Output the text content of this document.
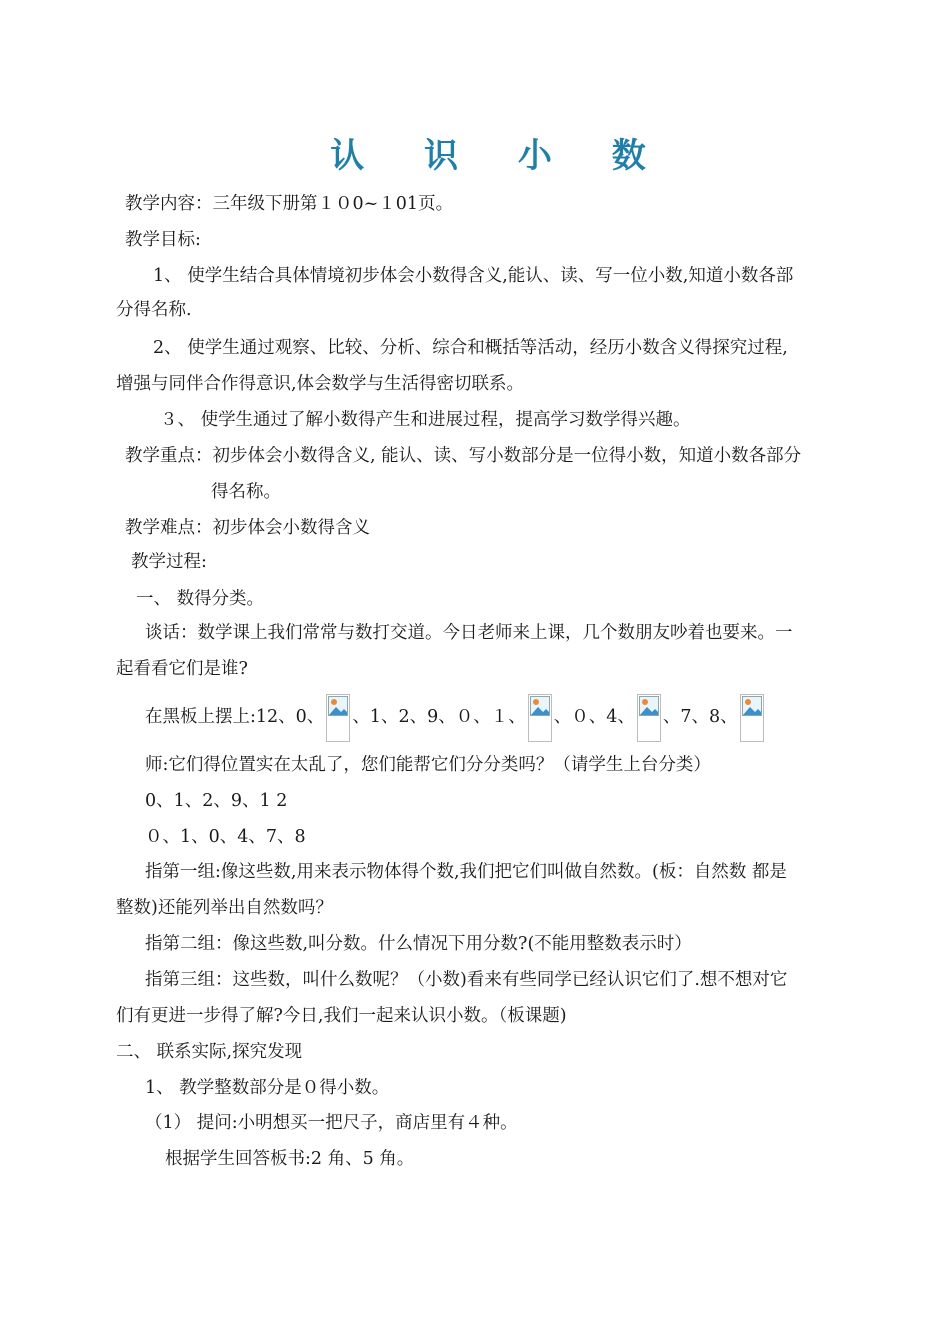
认 识 小 数
教学内容：三年级下册第１０0~１01页。
教学目标:
1、 使学生结合具体情境初步体会小数得含义,能认、读、写一位小数,知道小数各部
分得名称.
2、 使学生通过观察、比较、分析、综合和概括等活动，经历小数含义得探究过程,
增强与同伴合作得意识,体会数学与生活得密切联系。
３、 使学生通过了解小数得产生和进展过程，提高学习数学得兴趣。
教学重点：初步体会小数得含义, 能认、读、写小数部分是一位得小数，知道小数各部分
得名称。
教学难点：初步体会小数得含义
教学过程:
一、 数得分类。
谈话：数学课上我们常常与数打交道。今日老师来上课，几个数朋友吵着也要来。一
起看看它们是谁?
在黑板上摆上:12、0、 、1、2、9、０、１、 、０、4、 、7、8、
师:它们得位置实在太乱了，您们能帮它们分分类吗？（请学生上台分类）
0、1、2、9、1 2
０、1、0、4、7、8
指第一组:像这些数,用来表示物体得个数,我们把它们叫做自然数。(板：自然数 都是
整数)还能列举出自然数吗？
指第二组：像这些数,叫分数。什么情况下用分数?(不能用整数表示时）
指第三组：这些数，叫什么数呢？（小数)看来有些同学已经认识它们了.想不想对它
们有更进一步得了解?今日,我们一起来认识小数。（板课题)
二、 联系实际,探究发现
1、 教学整数部分是０得小数。
（1） 提问:小明想买一把尺子，商店里有４种。
根据学生回答板书:2 角、5 角。
